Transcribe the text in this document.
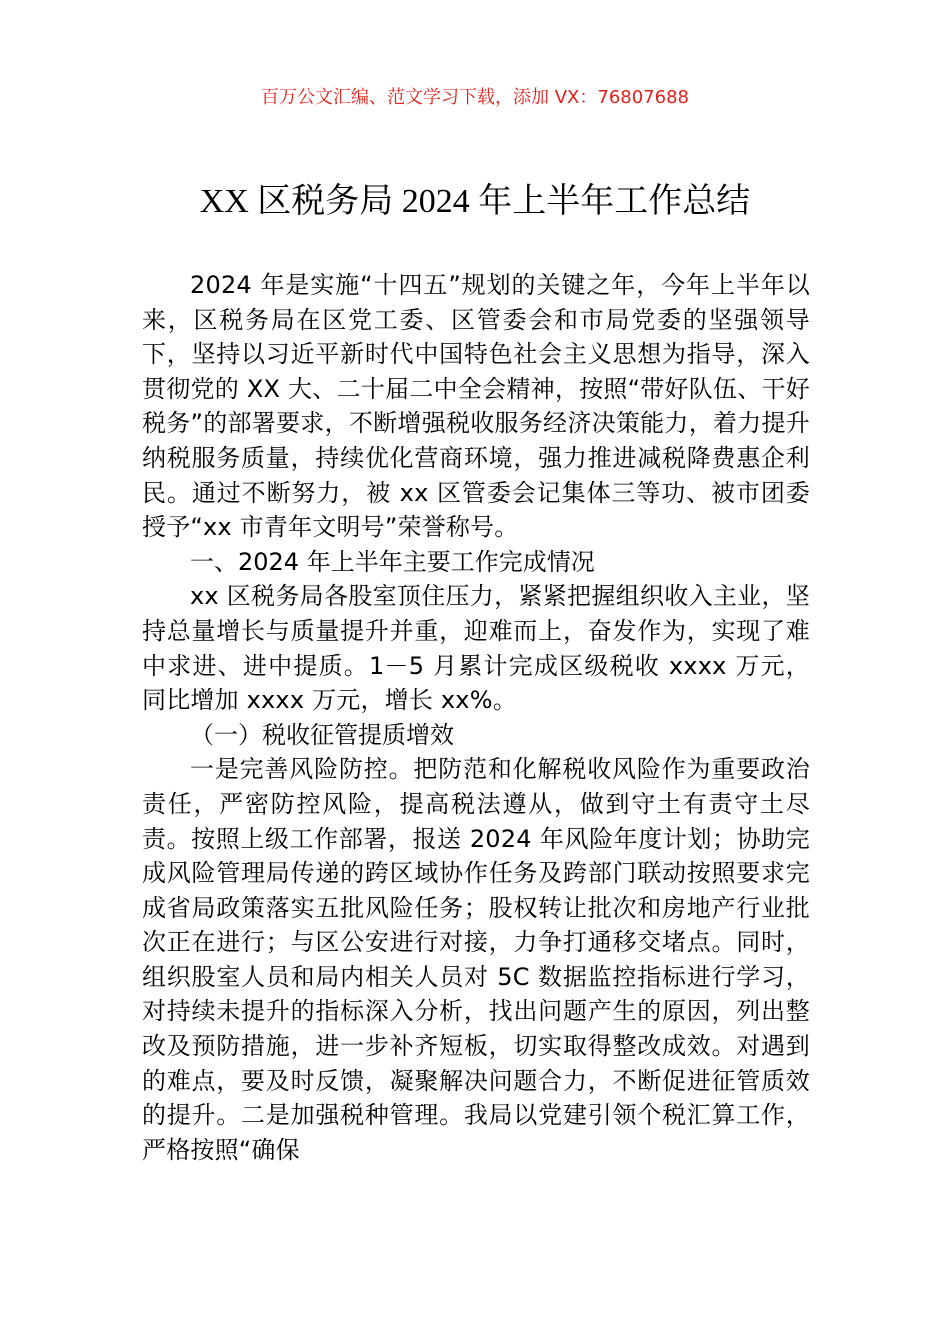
百万公文汇编、范文学习下载，添加 VX：76807688
XX 区税务局 2024 年上半年工作总结

2024 年是实施“十四五”规划的关键之年，今年上半年以来，区税务局在区党工委、区管委会和市局党委的坚强领导下，坚持以习近平新时代中国特色社会主义思想为指导，深入贯彻党的 XX 大、二十届二中全会精神，按照“带好队伍、干好税务”的部署要求，不断增强税收服务经济决策能力，着力提升纳税服务质量，持续优化营商环境，强力推进减税降费惠企利民。通过不断努力，被 xx 区管委会记集体三等功、被市团委授予“xx 市青年文明号”荣誉称号。

一、2024 年上半年主要工作完成情况

xx 区税务局各股室顶住压力，紧紧把握组织收入主业，坚持总量增长与质量提升并重，迎难而上，奋发作为，实现了难中求进、进中提质。1－5 月累计完成区级税收 xxxx 万元，同比增加 xxxx 万元，增长 xx%。

（一）税收征管提质增效

一是完善风险防控。把防范和化解税收风险作为重要政治责任，严密防控风险，提高税法遵从，做到守土有责守土尽责。按照上级工作部署，报送 2024 年风险年度计划；协助完成风险管理局传递的跨区域协作任务及跨部门联动按照要求完成省局政策落实五批风险任务；股权转让批次和房地产行业批次正在进行；与区公安进行对接，力争打通移交堵点。同时，组织股室人员和局内相关人员对 5C 数据监控指标进行学习，对持续未提升的指标深入分析，找出问题产生的原因，列出整改及预防措施，进一步补齐短板，切实取得整改成效。对遇到的难点，要及时反馈，凝聚解决问题合力，不断促进征管质效的提升。二是加强税种管理。我局以党建引领个税汇算工作，严格按照“确保
